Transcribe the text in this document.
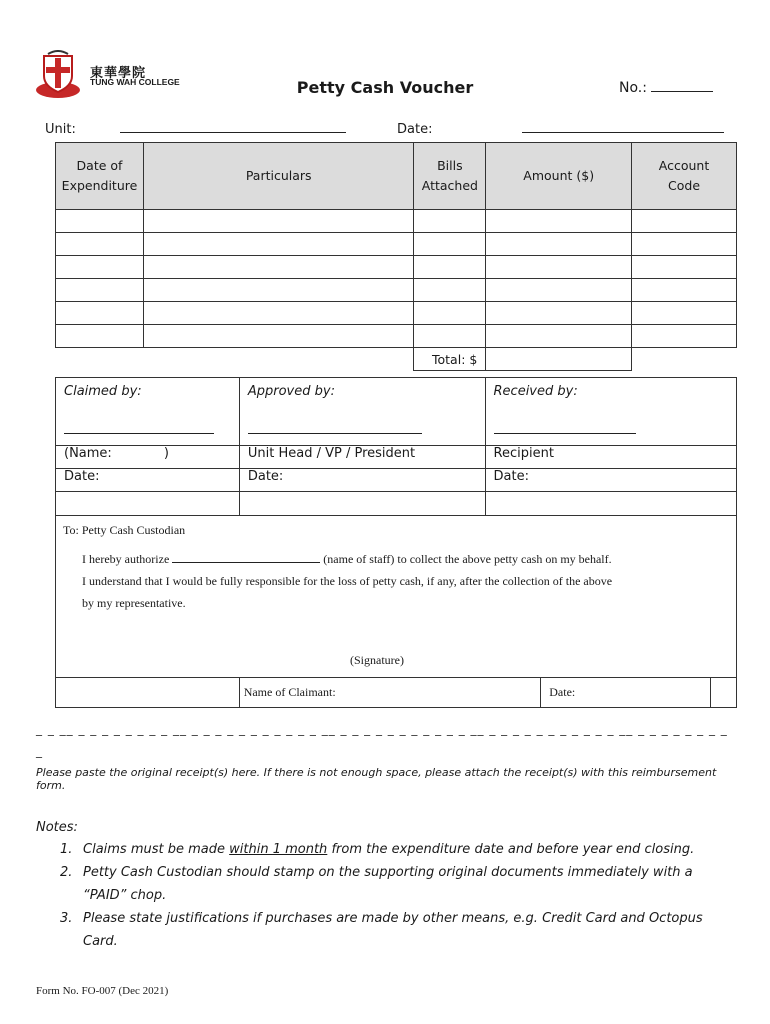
東華學院
TUNG WAH COLLEGE	Petty Cash Voucher	No.:
Unit:	Date:
Date of Expenditure	Particulars	Bills Attached	Amount ($)	Account Code

		Total: $		
Claimed by:	Approved by:	Received by:

(Name: )	Unit Head / VP / President	Recipient
Date:	Date:	Date:

To: Petty Cash Custodian
I hereby authorize	(name of staff) to collect the above petty cash on my behalf.
I understand that I would be fully responsible for the loss of petty cash, if any, after the collection of the above
by my representative.
(Signature)
	Name of Claimant:	Date:	
_ _ __ _ _ _ _ _ _ _ _ __ _ _ _ _ _ _ _ _ _ _ _ __ _ _ _ _ _ _ _ _ _ _ _ __ _ _ _ _ _ _ _ _ _ _ _ __ _ _ _ _ _ _ _ _ _
Please paste the original receipt(s) here. If there is not enough space, please attach the receipt(s) with this reimbursement form.
Notes:
1. Claims must be made within 1 month from the expenditure date and before year end closing.
2. Petty Cash Custodian should stamp on the supporting original documents immediately with a “PAID” chop.
3. Please state justifications if purchases are made by other means, e.g. Credit Card and Octopus Card.
Form No. FO-007 (Dec 2021)
